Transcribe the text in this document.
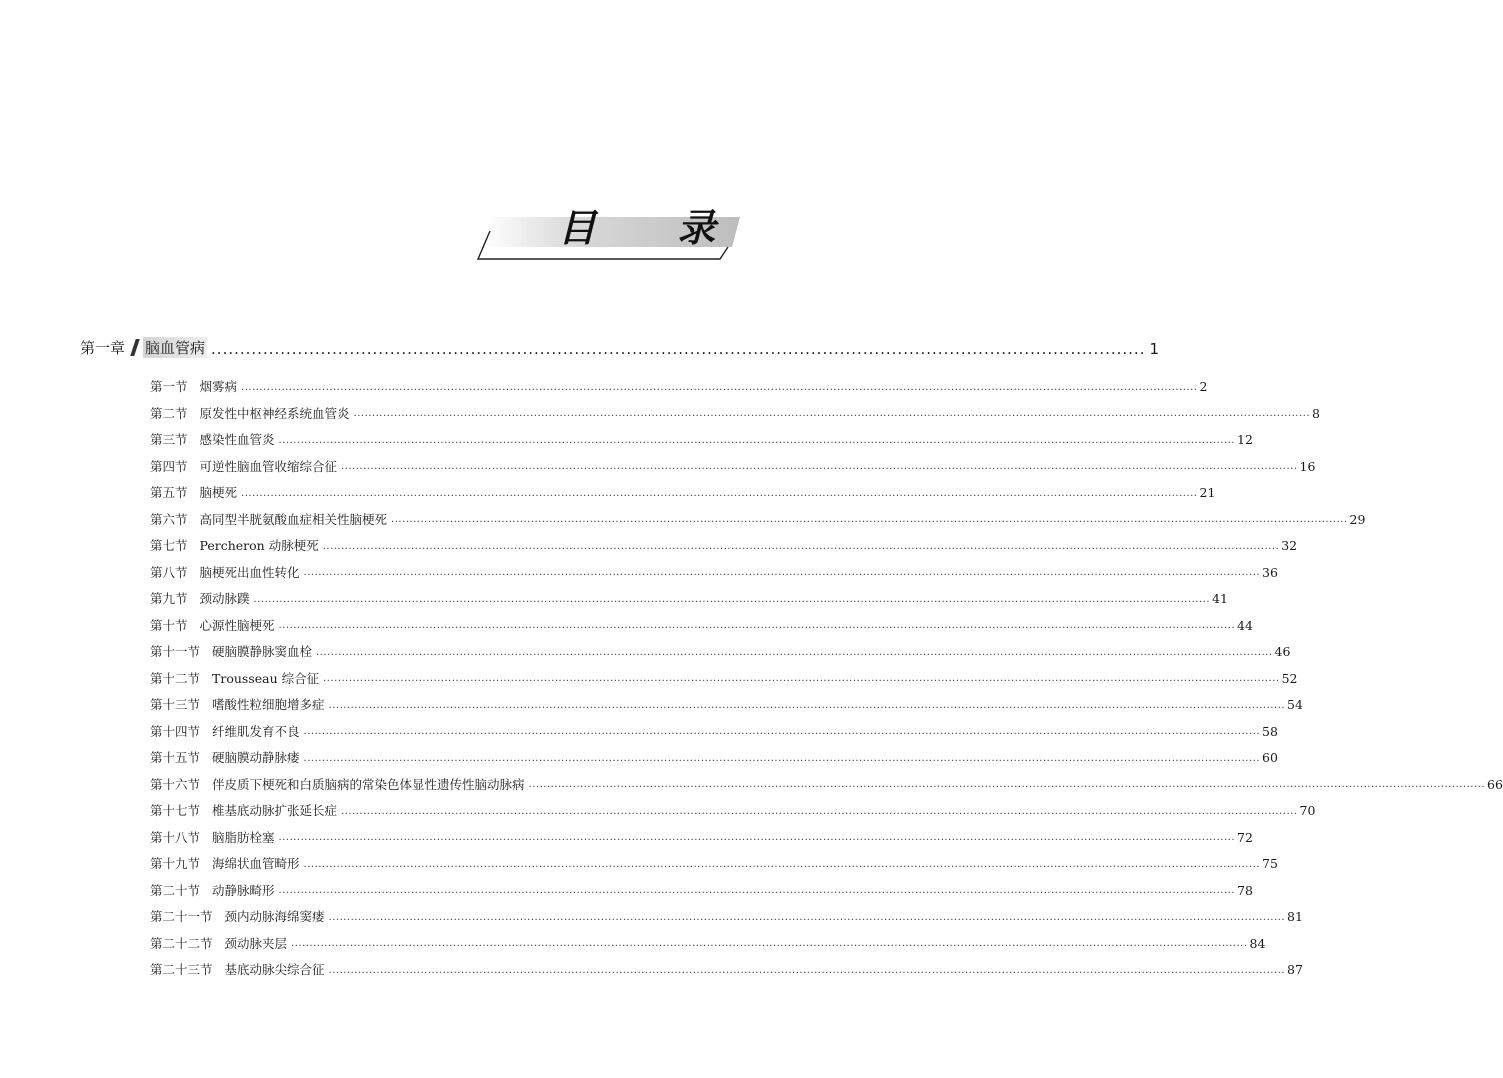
目 录
第一章	脑血管病 .................................................................................................................................................................. 1
第一节 烟雾病 .................................................................................................................................................................................................................................................................... 2
第二节 原发性中枢神经系统血管炎 .................................................................................................................................................................................................................................................................... 8
第三节 感染性血管炎 .................................................................................................................................................................................................................................................................... 12
第四节 可逆性脑血管收缩综合征 .................................................................................................................................................................................................................................................................... 16
第五节 脑梗死 .................................................................................................................................................................................................................................................................... 21
第六节 高同型半胱氨酸血症相关性脑梗死 .................................................................................................................................................................................................................................................................... 29
第七节 Percheron 动脉梗死 .................................................................................................................................................................................................................................................................... 32
第八节 脑梗死出血性转化 .................................................................................................................................................................................................................................................................... 36
第九节 颈动脉蹼 .................................................................................................................................................................................................................................................................... 41
第十节 心源性脑梗死 .................................................................................................................................................................................................................................................................... 44
第十一节 硬脑膜静脉窦血栓 .................................................................................................................................................................................................................................................................... 46
第十二节 Trousseau 综合征 .................................................................................................................................................................................................................................................................... 52
第十三节 嗜酸性粒细胞增多症 .................................................................................................................................................................................................................................................................... 54
第十四节 纤维肌发育不良 .................................................................................................................................................................................................................................................................... 58
第十五节 硬脑膜动静脉瘘 .................................................................................................................................................................................................................................................................... 60
第十六节 伴皮质下梗死和白质脑病的常染色体显性遗传性脑动脉病 .................................................................................................................................................................................................................................................................... 66
第十七节 椎基底动脉扩张延长症 .................................................................................................................................................................................................................................................................... 70
第十八节 脑脂肪栓塞 .................................................................................................................................................................................................................................................................... 72
第十九节 海绵状血管畸形 .................................................................................................................................................................................................................................................................... 75
第二十节 动静脉畸形 .................................................................................................................................................................................................................................................................... 78
第二十一节 颈内动脉海绵窦瘘 .................................................................................................................................................................................................................................................................... 81
第二十二节 颈动脉夹层 .................................................................................................................................................................................................................................................................... 84
第二十三节 基底动脉尖综合征 .................................................................................................................................................................................................................................................................... 87
